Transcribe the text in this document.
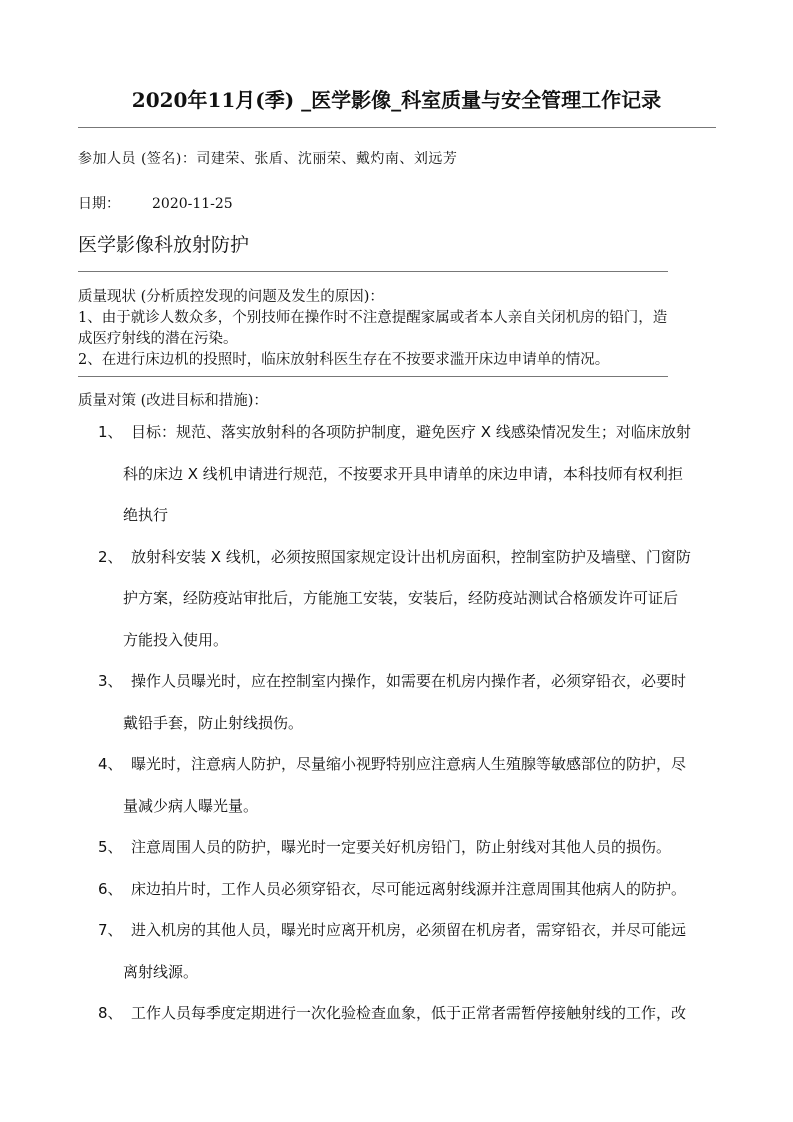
2020年11月(季) _医学影像_科室质量与安全管理工作记录
参加人员 (签名)：司建荣、张盾、沈丽荣、戴灼南、刘远芳
日期： 2020-11-25
医学影像科放射防护
质量现状 (分析质控发现的问题及发生的原因)：
1、由于就诊人数众多，个别技师在操作时不注意提醒家属或者本人亲自关闭机房的铅门，造
成医疗射线的潜在污染。
2、在进行床边机的投照时，临床放射科医生存在不按要求滥开床边申请单的情况。
质量对策 (改进目标和措施)：
1、 目标：规范、落实放射科的各项防护制度，避免医疗 X 线感染情况发生；对临床放射
科的床边 X 线机申请进行规范，不按要求开具申请单的床边申请，本科技师有权利拒
绝执行
2、 放射科安装 X 线机，必须按照国家规定设计出机房面积，控制室防护及墙壁、门窗防
护方案，经防疫站审批后，方能施工安装，安装后，经防疫站测试合格颁发许可证后
方能投入使用。
3、 操作人员曝光时，应在控制室内操作，如需要在机房内操作者，必须穿铅衣，必要时
戴铅手套，防止射线损伤。
4、 曝光时，注意病人防护，尽量缩小视野特别应注意病人生殖腺等敏感部位的防护，尽
量减少病人曝光量。
5、 注意周围人员的防护，曝光时一定要关好机房铅门，防止射线对其他人员的损伤。
6、 床边拍片时，工作人员必须穿铅衣，尽可能远离射线源并注意周围其他病人的防护。
7、 进入机房的其他人员，曝光时应离开机房，必须留在机房者，需穿铅衣，并尽可能远
离射线源。
8、 工作人员每季度定期进行一次化验检查血象，低于正常者需暂停接触射线的工作，改
